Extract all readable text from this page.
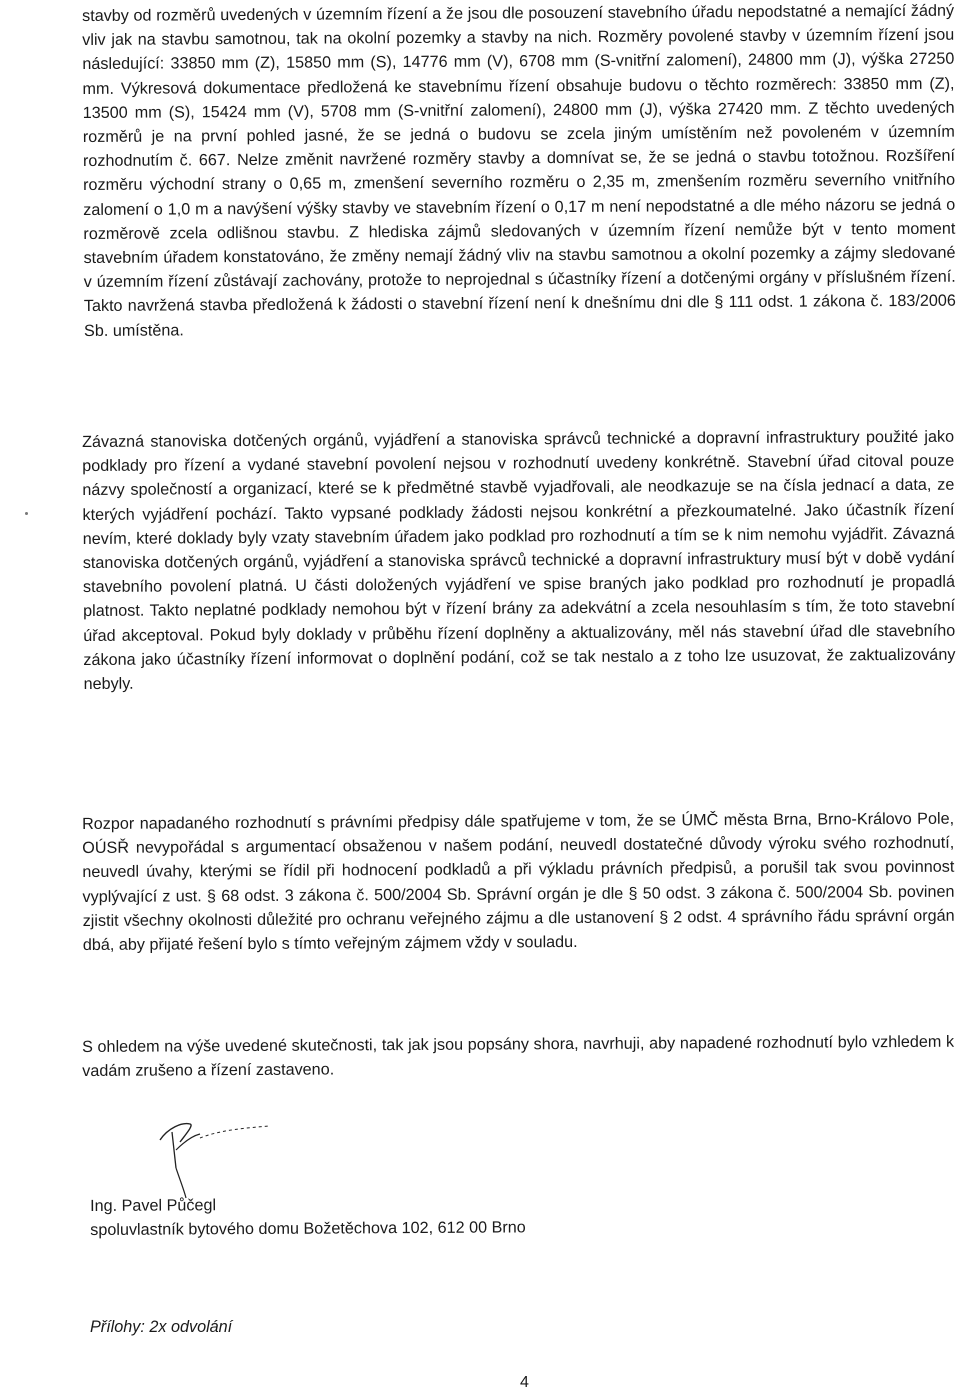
stavby od rozměrů uvedených v územním řízení a že jsou dle posouzení stavebního úřadu nepodstatné a nemající žádný vliv jak na stavbu samotnou, tak na okolní pozemky a stavby na nich. Rozměry povolené stavby v územním řízení jsou následující: 33850 mm (Z), 15850 mm (S), 14776 mm (V), 6708 mm (S-vnitřní zalomení), 24800 mm (J), výška 27250 mm. Výkresová dokumentace předložená ke stavebnímu řízení obsahuje budovu o těchto rozměrech: 33850 mm (Z), 13500 mm (S), 15424 mm (V), 5708 mm (S-vnitřní zalomení), 24800 mm (J), výška 27420 mm. Z těchto uvedených rozměrů je na první pohled jasné, že se jedná o budovu se zcela jiným umístěním než povoleném v územním rozhodnutím č. 667. Nelze změnit navržené rozměry stavby a domnívat se, že se jedná o stavbu totožnou. Rozšíření rozměru východní strany o 0,65 m, zmenšení severního rozměru o 2,35 m, zmenšením rozměru severního vnitřního zalomení o 1,0 m a navýšení výšky stavby ve stavebním řízení o 0,17 m není nepodstatné a dle mého názoru se jedná o rozměrově zcela odlišnou stavbu. Z hlediska zájmů sledovaných v územním řízení nemůže být v tento moment stavebním úřadem konstatováno, že změny nemají žádný vliv na stavbu samotnou a okolní pozemky a zájmy sledované v územním řízení zůstávají zachovány, protože to neprojednal s účastníky řízení a dotčenými orgány v příslušném řízení. Takto navržená stavba předložená k žádosti o stavební řízení není k dnešnímu dni dle § 111 odst. 1 zákona č. 183/2006 Sb. umístěna.

Závazná stanoviska dotčených orgánů, vyjádření a stanoviska správců technické a dopravní infrastruktury použité jako podklady pro řízení a vydané stavební povolení nejsou v rozhodnutí uvedeny konkrétně. Stavební úřad citoval pouze názvy společností a organizací, které se k předmětné stavbě vyjadřovali, ale neodkazuje se na čísla jednací a data, ze kterých vyjádření pochází. Takto vypsané podklady žádosti nejsou konkrétní a přezkoumatelné. Jako účastník řízení nevím, které doklady byly vzaty stavebním úřadem jako podklad pro rozhodnutí a tím se k nim nemohu vyjádřit. Závazná stanoviska dotčených orgánů, vyjádření a stanoviska správců technické a dopravní infrastruktury musí být v době vydání stavebního povolení platná. U části doložených vyjádření ve spise braných jako podklad pro rozhodnutí je propadlá platnost. Takto neplatné podklady nemohou být v řízení brány za adekvátní a zcela nesouhlasím s tím, že toto stavební úřad akceptoval. Pokud byly doklady v průběhu řízení doplněny a aktualizovány, měl nás stavební úřad dle stavebního zákona jako účastníky řízení informovat o doplnění podání, což se tak nestalo a z toho lze usuzovat, že zaktualizovány nebyly.

Rozpor napadaného rozhodnutí s právními předpisy dále spatřujeme v tom, že se ÚMČ města Brna, Brno-Královo Pole, OÚSŘ nevypořádal s argumentací obsaženou v našem podání, neuvedl dostatečné důvody výroku svého rozhodnutí, neuvedl úvahy, kterými se řídil při hodnocení podkladů a při výkladu právních předpisů, a porušil tak svou povinnost vyplývající z ust. § 68 odst. 3 zákona č. 500/2004 Sb. Správní orgán je dle § 50 odst. 3 zákona č. 500/2004 Sb. povinen zjistit všechny okolnosti důležité pro ochranu veřejného zájmu a dle ustanovení § 2 odst. 4 správního řádu správní orgán dbá, aby přijaté řešení bylo s tímto veřejným zájmem vždy v souladu.

S ohledem na výše uvedené skutečnosti, tak jak jsou popsány shora, navrhuji, aby napadené rozhodnutí bylo vzhledem k vadám zrušeno a řízení zastaveno.

Ing. Pavel Půčegl
spoluvlastník bytového domu Božetěchova 102, 612 00 Brno

Přílohy: 2x odvolání

4
